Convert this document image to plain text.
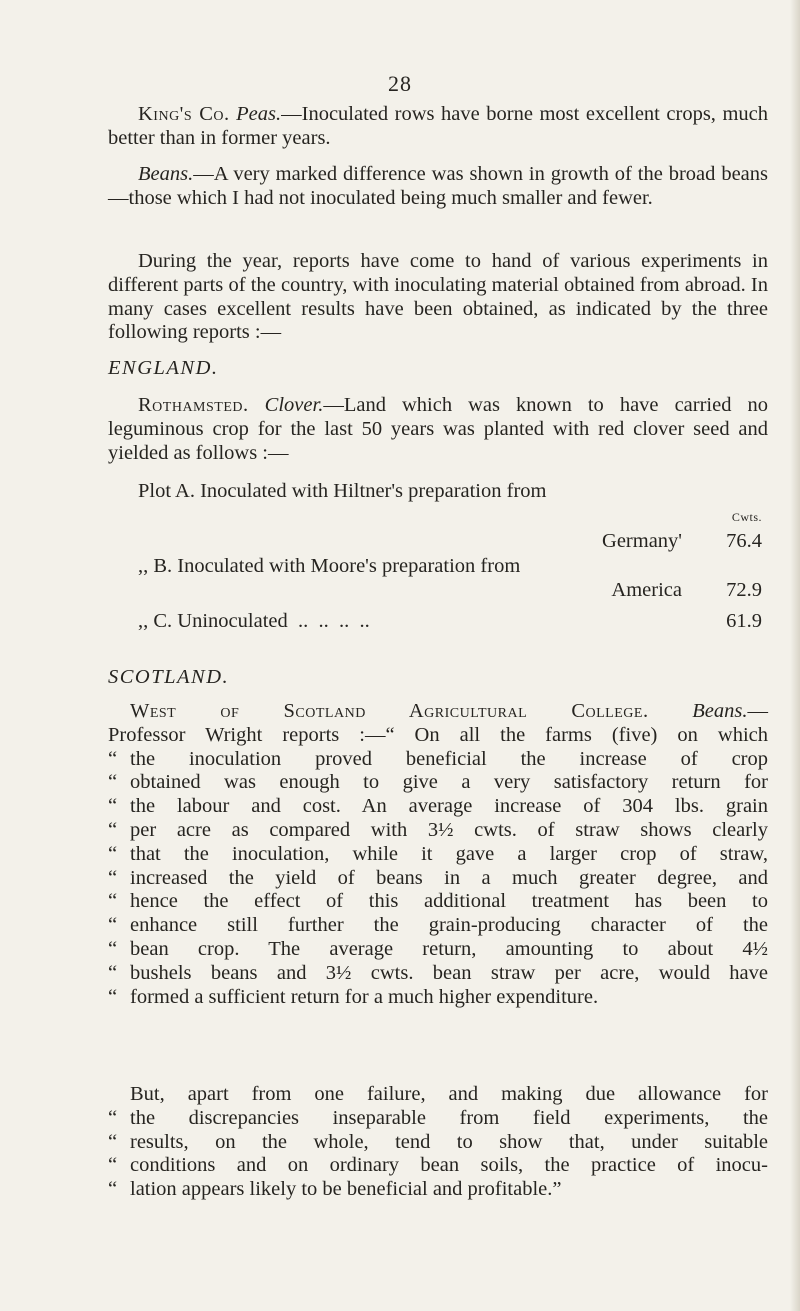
28

King's Co. Peas.—Inoculated rows have borne most excellent crops, much better than in former years.

Beans.—A very marked difference was shown in growth of the broad beans—those which I had not inoculated being much smaller and fewer.

During the year, reports have come to hand of various experiments in different parts of the country, with inoculating material obtained from abroad. In many cases excellent results have been obtained, as indicated by the three following reports :—

ENGLAND.

Rothamsted. Clover.—Land which was known to have carried no leguminous crop for the last 50 years was planted with red clover seed and yielded as follows :—

Plot A. Inoculated with Hiltner's preparation from
Cwts.
Germany'	76.4
,, B. Inoculated with Moore's preparation from
America	72.9
,, C. Uninoculated  ..  ..  ..  ..	61.9
SCOTLAND.
West of Scotland Agricultural College. Beans.—
Professor Wright reports :—“ On all the farms (five) on which
“ the inoculation proved beneficial the increase of crop
“ obtained was enough to give a very satisfactory return for
“ the labour and cost. An average increase of 304 lbs. grain
“ per acre as compared with 3½ cwts. of straw shows clearly
“ that the inoculation, while it gave a larger crop of straw,
“ increased the yield of beans in a much greater degree, and
“ hence the effect of this additional treatment has been to
“ enhance still further the grain-producing character of the
“ bean crop. The average return, amounting to about 4½
“ bushels beans and 3½ cwts. bean straw per acre, would have
“ formed a sufficient return for a much higher expenditure.
But, apart from one failure, and making due allowance for
“ the discrepancies inseparable from field experiments, the
“ results, on the whole, tend to show that, under suitable
“ conditions and on ordinary bean soils, the practice of inocu-
“ lation appears likely to be beneficial and profitable.”
